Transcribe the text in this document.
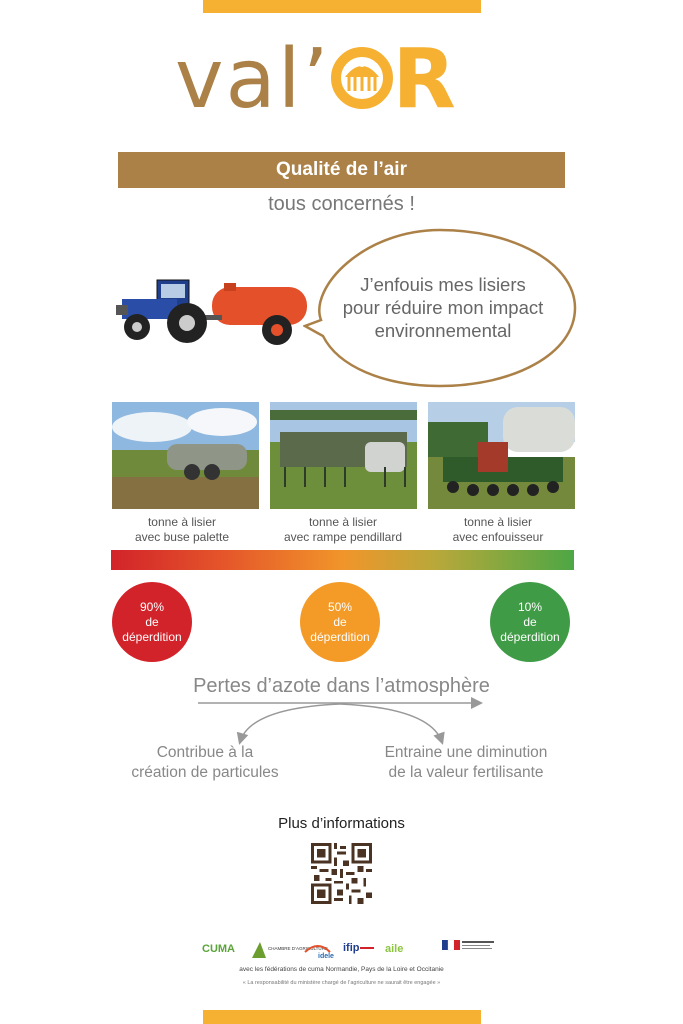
val’ R
Qualité de l’air
tous concernés !
J’enfouis mes lisiers
pour réduire mon impact
environnemental
tonne à lisier
avec buse palette
tonne à lisier
avec rampe pendillard
tonne à lisier
avec enfouisseur
90%
de
déperdition
50%
de
déperdition
10%
de
déperdition
Pertes d’azote dans l’atmosphère
Contribue à la
création de particules
Entraine une diminution
de la valeur fertilisante
Plus d’informations
CUMA	CHAMBRE D’AGRICULTURE
idele
ifip aile
avec les fédérations de cuma Normandie, Pays de la Loire et Occitanie
« La responsabilité du ministère chargé de l’agriculture ne saurait être engagée »
